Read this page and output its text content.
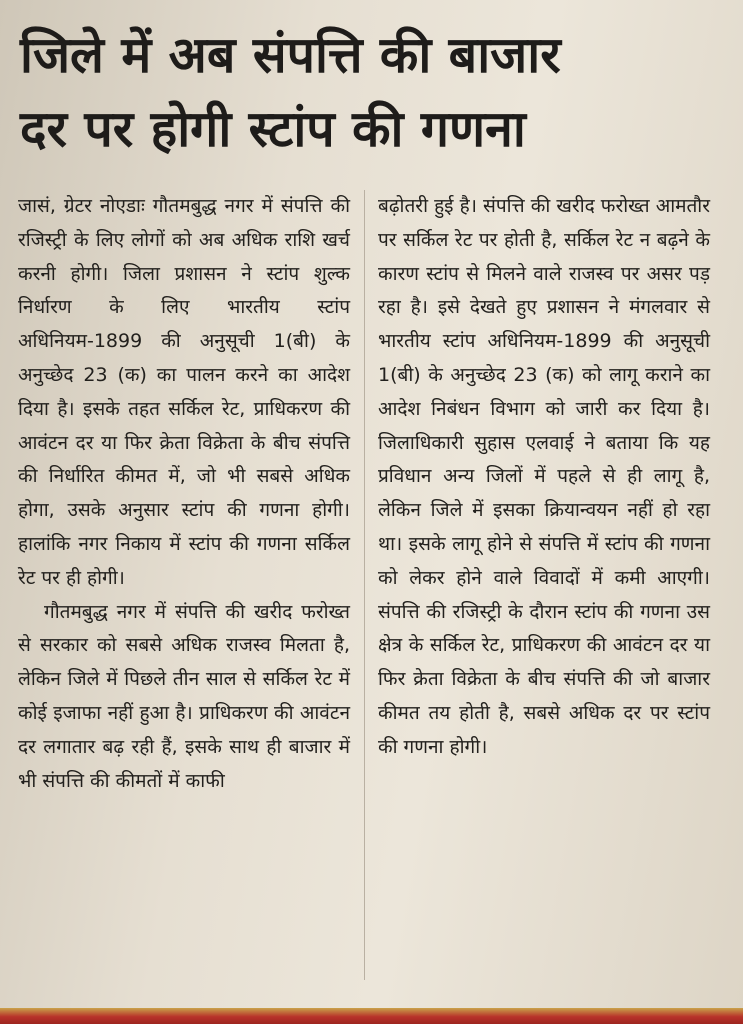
जिले में अब संपत्ति की बाजार
दर पर होगी स्टांप की गणना

जासं, ग्रेटर नोएडाः गौतमबुद्ध नगर में संपत्ति की रजिस्ट्री के लिए लोगों को अब अधिक राशि खर्च करनी होगी। जिला प्रशासन ने स्टांप शुल्क निर्धारण के लिए भारतीय स्टांप अधिनियम-1899 की अनुसूची 1(बी) के अनुच्छेद 23 (क) का पालन करने का आदेश दिया है। इसके तहत सर्किल रेट, प्राधिकरण की आवंटन दर या फिर क्रेता विक्रेता के बीच संपत्ति की निर्धारित कीमत में, जो भी सबसे अधिक होगा, उसके अनुसार स्टांप की गणना होगी। हालांकि नगर निकाय में स्टांप की गणना सर्किल रेट पर ही होगी।

गौतमबुद्ध नगर में संपत्ति की खरीद फरोख्त से सरकार को सबसे अधिक राजस्व मिलता है, लेकिन जिले में पिछले तीन साल से सर्किल रेट में कोई इजाफा नहीं हुआ है। प्राधिकरण की आवंटन दर लगातार बढ़ रही हैं, इसके साथ ही बाजार में भी संपत्ति की कीमतों में काफी

बढ़ोतरी हुई है। संपत्ति की खरीद फरोख्त आमतौर पर सर्किल रेट पर होती है, सर्किल रेट न बढ़ने के कारण स्टांप से मिलने वाले राजस्व पर असर पड़ रहा है। इसे देखते हुए प्रशासन ने मंगलवार से भारतीय स्टांप अधिनियम-1899 की अनुसूची 1(बी) के अनुच्छेद 23 (क) को लागू कराने का आदेश निबंधन विभाग को जारी कर दिया है। जिलाधिकारी सुहास एलवाई ने बताया कि यह प्रविधान अन्य जिलों में पहले से ही लागू है, लेकिन जिले में इसका क्रियान्वयन नहीं हो रहा था। इसके लागू होने से संपत्ति में स्टांप की गणना को लेकर होने वाले विवादों में कमी आएगी। संपत्ति की रजिस्ट्री के दौरान स्टांप की गणना उस क्षेत्र के सर्किल रेट, प्राधिकरण की आवंटन दर या फिर क्रेता विक्रेता के बीच संपत्ति की जो बाजार कीमत तय होती है, सबसे अधिक दर पर स्टांप की गणना होगी।
